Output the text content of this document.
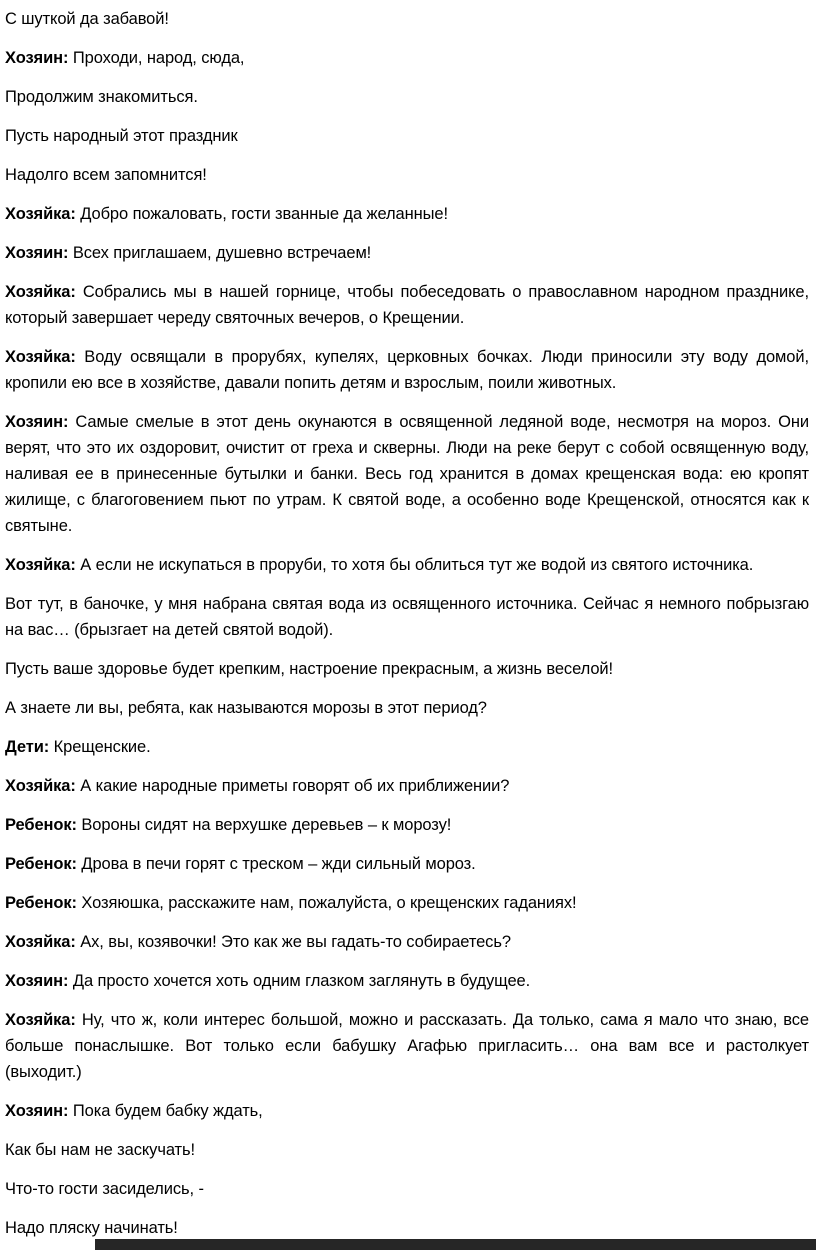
С шуткой да забавой!

Хозяин: Проходи, народ, сюда,

Продолжим знакомиться.

Пусть народный этот праздник

Надолго всем запомнится!

Хозяйка: Добро пожаловать, гости званные да желанные!

Хозяин: Всех приглашаем, душевно встречаем!

Хозяйка: Собрались мы в нашей горнице, чтобы побеседовать о православном народном празднике, который завершает череду святочных вечеров, о Крещении.

Хозяйка: Воду освящали в прорубях, купелях, церковных бочках. Люди приносили эту воду домой, кропили ею все в хозяйстве, давали попить детям и взрослым, поили животных.

Хозяин: Самые смелые в этот день окунаются в освященной ледяной воде, несмотря на мороз. Они верят, что это их оздоровит, очистит от греха и скверны. Люди на реке берут с собой освященную воду, наливая ее в принесенные бутылки и банки. Весь год хранится в домах крещенская вода: ею кропят жилище, с благоговением пьют по утрам. К святой воде, а особенно воде Крещенской, относятся как к святыне.

Хозяйка: А если не искупаться в проруби, то хотя бы облиться тут же водой из святого источника.

Вот тут, в баночке, у мня набрана святая вода из освященного источника. Сейчас я немного побрызгаю на вас… (брызгает на детей святой водой).

Пусть ваше здоровье будет крепким, настроение прекрасным, а жизнь веселой!

А знаете ли вы, ребята, как называются морозы в этот период?

Дети: Крещенские.

Хозяйка: А какие народные приметы говорят об их приближении?

Ребенок: Вороны сидят на верхушке деревьев – к морозу!

Ребенок: Дрова в печи горят с треском – жди сильный мороз.

Ребенок: Хозяюшка, расскажите нам, пожалуйста, о крещенских гаданиях!

Хозяйка: Ах, вы, козявочки! Это как же вы гадать-то собираетесь?

Хозяин: Да просто хочется хоть одним глазком заглянуть в будущее.

Хозяйка: Ну, что ж, коли интерес большой, можно и рассказать. Да только, сама я мало что знаю, все больше понаслышке. Вот только если бабушку Агафью пригласить… она вам все и растолкует (выходит.)

Хозяин: Пока будем бабку ждать,

Как бы нам не заскучать!

Что-то гости засиделись, -

Надо пляску начинать!
